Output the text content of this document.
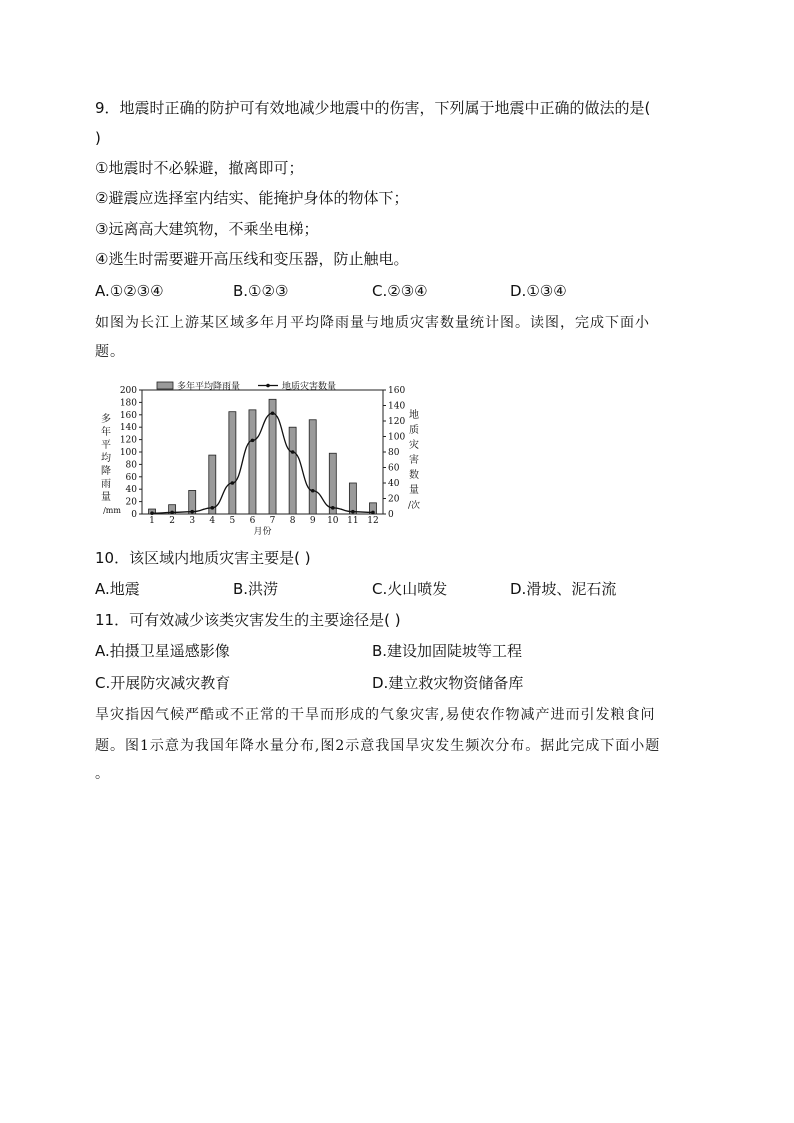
9．地震时正确的防护可有效地减少地震中的伤害，下列属于地震中正确的做法的是(
)
①地震时不必躲避，撤离即可；
②避震应选择室内结实、能掩护身体的物体下；
③远离高大建筑物，不乘坐电梯；
④逃生时需要避开高压线和变压器，防止触电。
A.①②③④	B.①②③	C.②③④	D.①③④
如图为长江上游某区域多年月平均降雨量与地质灾害数量统计图。读图，完成下面小
题。
多年平均降雨量	地质灾害数量
0
20
40
60
80
100
120
140
160
180
200
0
20
40
60
80
100
120
140
160
多
年
平
均
降
雨
量
/mm
地
质
灾
害
数
量
/次
1 2 3 4 5 6 7 8 9 10 11 12
月份
10．该区域内地质灾害主要是( )
A.地震	B.洪涝	C.火山喷发	D.滑坡、泥石流
11．可有效减少该类灾害发生的主要途径是( )
A.拍摄卫星遥感影像	B.建设加固陡坡等工程
C.开展防灾减灾教育	D.建立救灾物资储备库
旱灾指因气候严酷或不正常的干旱而形成的气象灾害,易使农作物减产进而引发粮食问
题。图1示意为我国年降水量分布,图2示意我国旱灾发生频次分布。据此完成下面小题
。
